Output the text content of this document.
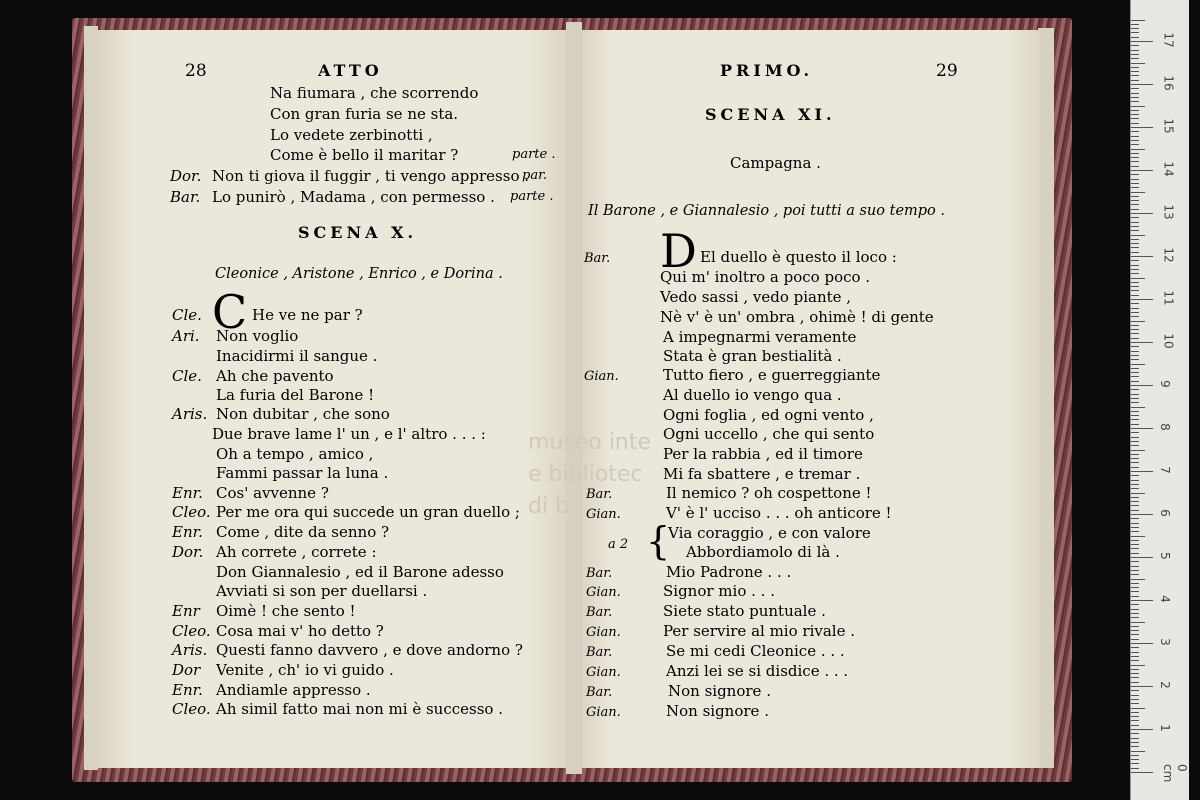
museo inte
e bibliotec
di b
28	ATTO
Na fiumara , che scorrendo
Con gran furia se ne sta.
Lo vedete zerbinotti ,
Come è bello il maritar ?	parte .
Dor. Non ti giova il fuggir , ti vengo appresso .
par.
Bar. Lo punirò , Madama , con permesso . parte .
SCENA X.
Cleonice , Aristone , Enrico , e Dorina .
C
Cle.	He ve ne par ?
Ari. Non voglio
Inacidirmi il sangue .
Cle. Ah che pavento
La furia del Barone !
Aris. Non dubitar , che sono
Due brave lame l' un , e l' altro . . . :
Oh a tempo , amico ,
Fammi passar la luna .
Enr. Cos' avvenne ?
Cleo. Per me ora qui succede un gran duello ;
Enr. Come , dite da senno ?
Dor. Ah correte , correte :
Don Giannalesio , ed il Barone adesso
Avviati si son per duellarsi .
Enr Oimè ! che sento !
Cleo. Cosa mai v' ho detto ?
Aris. Questi fanno davvero , e dove andorno ?
Dor Venite , ch' io vi guido .
Enr. Andiamle appresso .
Cleo. Ah simil fatto mai non mi è successo .
PRIMO.	29
SCENA XI.
Campagna .
Il Barone , e Giannalesio , poi tutti a suo tempo .
D
Bar.	El duello è questo il loco :
Qui m' inoltro a poco poco .
Vedo sassi , vedo piante ,
Nè v' è un' ombra , ohimè ! di gente
A impegnarmi veramente
Stata è gran bestialità .
Gian.	Tutto fiero , e guerreggiante
Al duello io vengo qua .
Ogni foglia , ed ogni vento ,
Ogni uccello , che qui sento
Per la rabbia , ed il timore
Mi fa sbattere , e tremar .
Bar.	Il nemico ? oh cospettone !
Gian.	V' è l' ucciso . . . oh anticore !
a 2 {
Via coraggio , e con valore
Abbordiamolo di là .
Bar.	Mio Padrone . . .
Gian.	Signor mio . . .
Bar.	Siete stato puntuale .
Gian.	Per servire al mio rivale .
Bar.	Se mi cedi Cleonice . . .
Gian.	Anzi lei se si disdice . . .
Bar.	Non signore .
Gian.	Non signore .
0 cm
1
2
3
4
5
6
7
8
9
10
11
12
13
14
15
16
17
